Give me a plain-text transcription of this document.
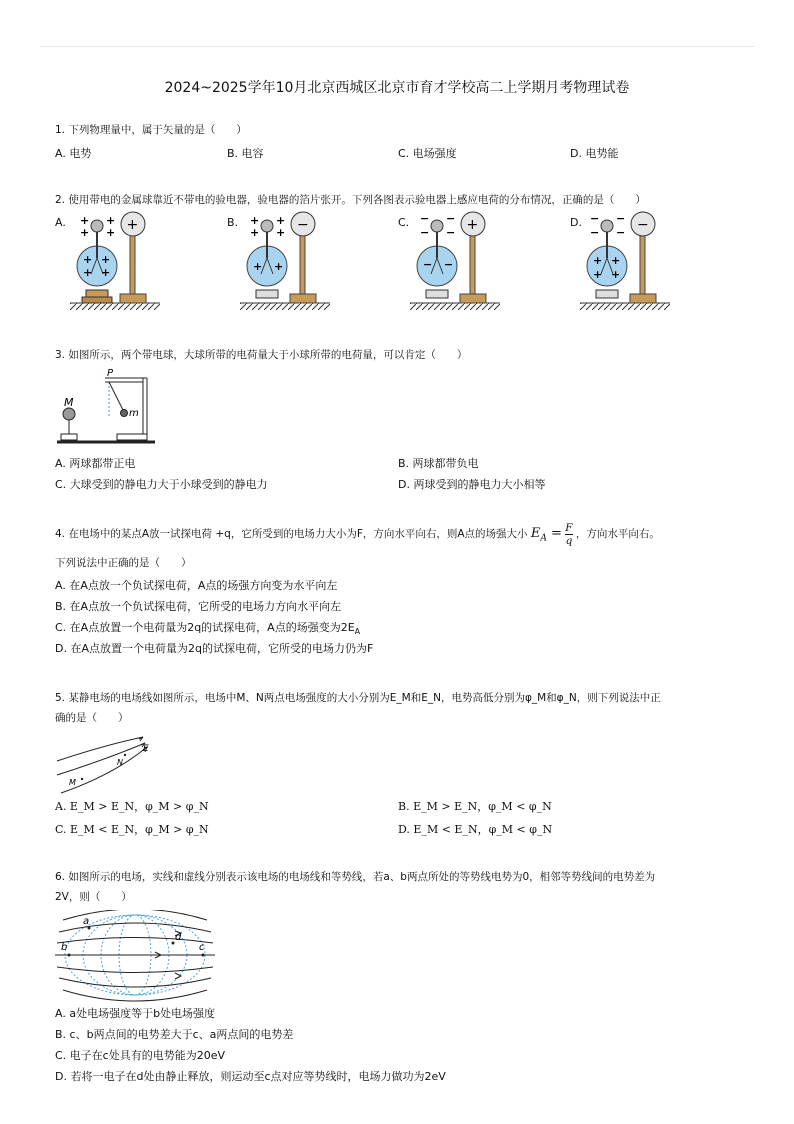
2024~2025学年10月北京西城区北京市育才学校高二上学期月考物理试卷
1. 下列物理量中，属于矢量的是（　　）
A. 电势	B. 电容	C. 电场强度	D. 电势能
2. 使用带电的金属球靠近不带电的验电器，验电器的箔片张开。下列各图表示验电器上感应电荷的分布情况，正确的是（　　）
A.	B.	C.	D.
+ +
+ +
+ +
+ +
+	+ +
+ +
+ +
−	− −
− −
− −
+	− −
− −
+ +
+ +
−
3. 如图所示，两个带电球，大球所带的电荷量大于小球所带的电荷量，可以肯定（　　）
M
P
m
A. 两球都带正电	B. 两球都带负电
C. 大球受到的静电力大于小球受到的静电力	D. 两球受到的静电力大小相等
4. 在电场中的某点A放一试探电荷 +q，它所受到的电场力大小为F，方向水平向右，则A点的场强大小 $E_A = \frac{F}{q}$ ，方向水平向右。
下列说法中正确的是（　　）
A. 在A点放一个负试探电荷，A点的场强方向变为水平向左
B. 在A点放一个负试探电荷，它所受的电场力方向水平向左
C. 在A点放置一个电荷量为2q的试探电荷，A点的场强变为$2E_A$
D. 在A点放置一个电荷量为2q的试探电荷，它所受的电场力仍为F
5. 某静电场的电场线如图所示，电场中M、N两点电场强度的大小分别为E_M和E_N，电势高低分别为φ_M和φ_N，则下列说法中正
确的是（　　）
E
N
M
A. E_M > E_N，φ_M > φ_N	B. E_M > E_N，φ_M < φ_N
C. E_M < E_N，φ_M > φ_N	D. E_M < E_N，φ_M < φ_N
6. 如图所示的电场，实线和虚线分别表示该电场的电场线和等势线，若a、b两点所处的等势线电势为0，相邻等势线间的电势差为
2V，则（　　）
a
b	c
d
A. a处电场强度等于b处电场强度
B. c、b两点间的电势差大于c、a两点间的电势差
C. 电子在c处具有的电势能为20eV
D. 若将一电子在d处由静止释放，则运动至c点对应等势线时，电场力做功为2eV
